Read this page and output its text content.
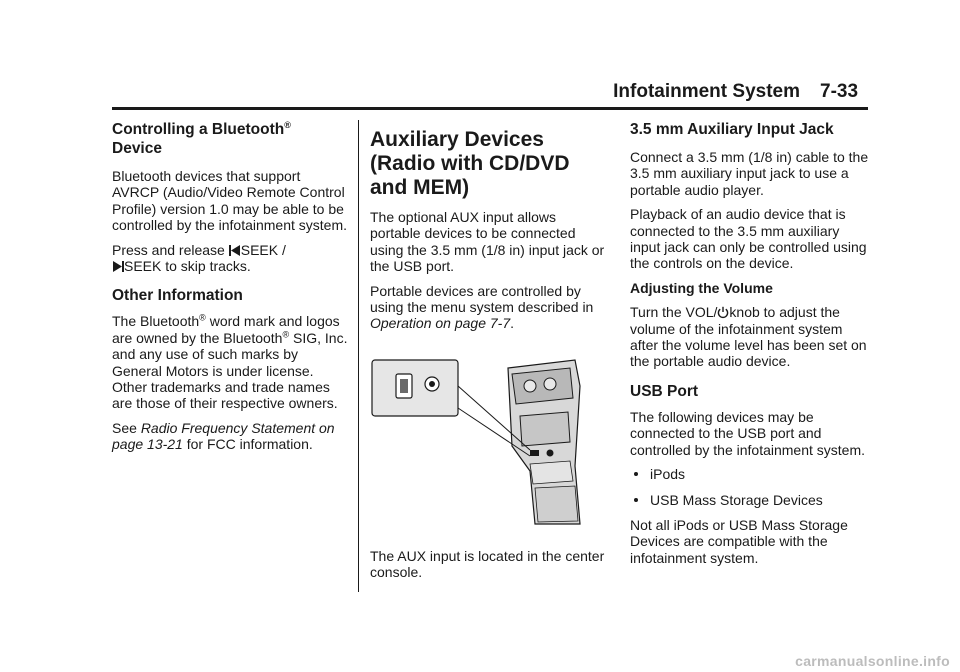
Infotainment System 7-33
Controlling a Bluetooth®
Device

Bluetooth devices that support AVRCP (Audio/Video Remote Control Profile) version 1.0 may be able to be controlled by the infotainment system.

Press and release SEEK /
SEEK to skip tracks.

Other Information

The Bluetooth® word mark and logos are owned by the Bluetooth® SIG, Inc. and any use of such marks by General Motors is under license. Other trademarks and trade names are those of their respective owners.

See Radio Frequency Statement on page 13-21 for FCC information.

Auxiliary Devices (Radio with CD/DVD and MEM)

The optional AUX input allows portable devices to be connected using the 3.5 mm (1/8 in) input jack or the USB port.

Portable devices are controlled by using the menu system described in Operation on page 7-7.

The AUX input is located in the center console.

3.5 mm Auxiliary Input Jack

Connect a 3.5 mm (1/8 in) cable to the 3.5 mm auxiliary input jack to use a portable audio player.

Playback of an audio device that is connected to the 3.5 mm auxiliary input jack can only be controlled using the controls on the device.

Adjusting the Volume

Turn the VOL/ knob to adjust the volume of the infotainment system after the volume level has been set on the portable audio device.

USB Port

The following devices may be connected to the USB port and controlled by the infotainment system.

iPods
USB Mass Storage Devices

Not all iPods or USB Mass Storage Devices are compatible with the infotainment system.

carmanualsonline.info
